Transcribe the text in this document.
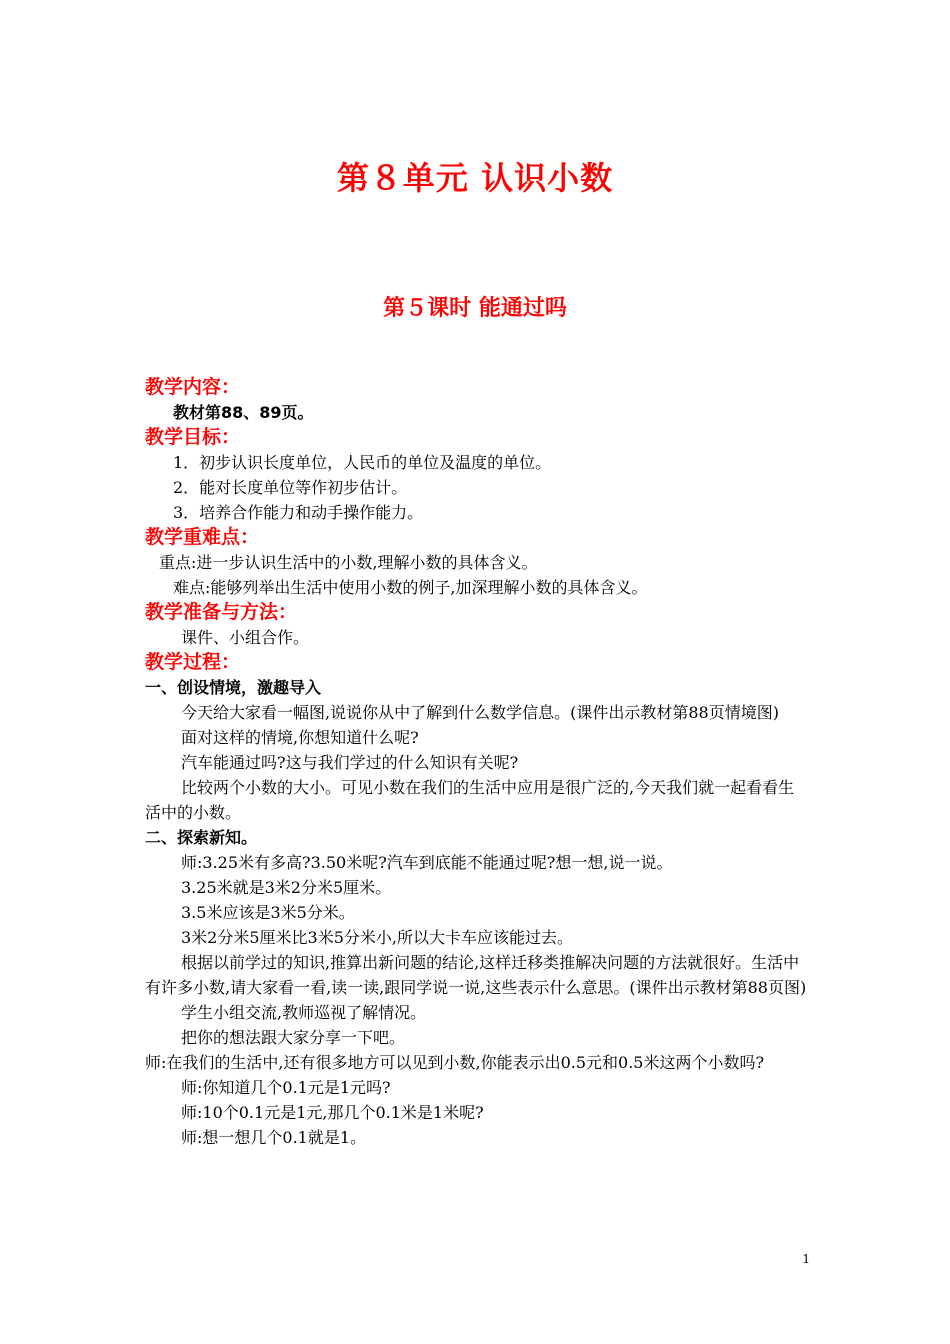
第８单元 认识小数
第５课时 能通过吗
教学内容：

教材第88、89页。

教学目标：

1．初步认识长度单位，人民币的单位及温度的单位。

2．能对长度单位等作初步估计。

3．培养合作能力和动手操作能力。

教学重难点：

重点:进一步认识生活中的小数,理解小数的具体含义。

难点:能够列举出生活中使用小数的例子,加深理解小数的具体含义。

教学准备与方法：

课件、小组合作。

教学过程：

一、创设情境，激趣导入

今天给大家看一幅图,说说你从中了解到什么数学信息。(课件出示教材第88页情境图)

面对这样的情境,你想知道什么呢?

汽车能通过吗?这与我们学过的什么知识有关呢?

比较两个小数的大小。可见小数在我们的生活中应用是很广泛的,今天我们就一起看看生活中的小数。

二、探索新知。

师:3.25米有多高?3.50米呢?汽车到底能不能通过呢?想一想,说一说。

3.25米就是3米2分米5厘米。

3.5米应该是3米5分米。

3米2分米5厘米比3米5分米小,所以大卡车应该能过去。

根据以前学过的知识,推算出新问题的结论,这样迁移类推解决问题的方法就很好。生活中有许多小数,请大家看一看,读一读,跟同学说一说,这些表示什么意思。(课件出示教材第88页图)

学生小组交流,教师巡视了解情况。

把你的想法跟大家分享一下吧。

师:在我们的生活中,还有很多地方可以见到小数,你能表示出0.5元和0.5米这两个小数吗?

师:你知道几个0.1元是1元吗?

师:10个0.1元是1元,那几个0.1米是1米呢?

师:想一想几个0.1就是1。

1
